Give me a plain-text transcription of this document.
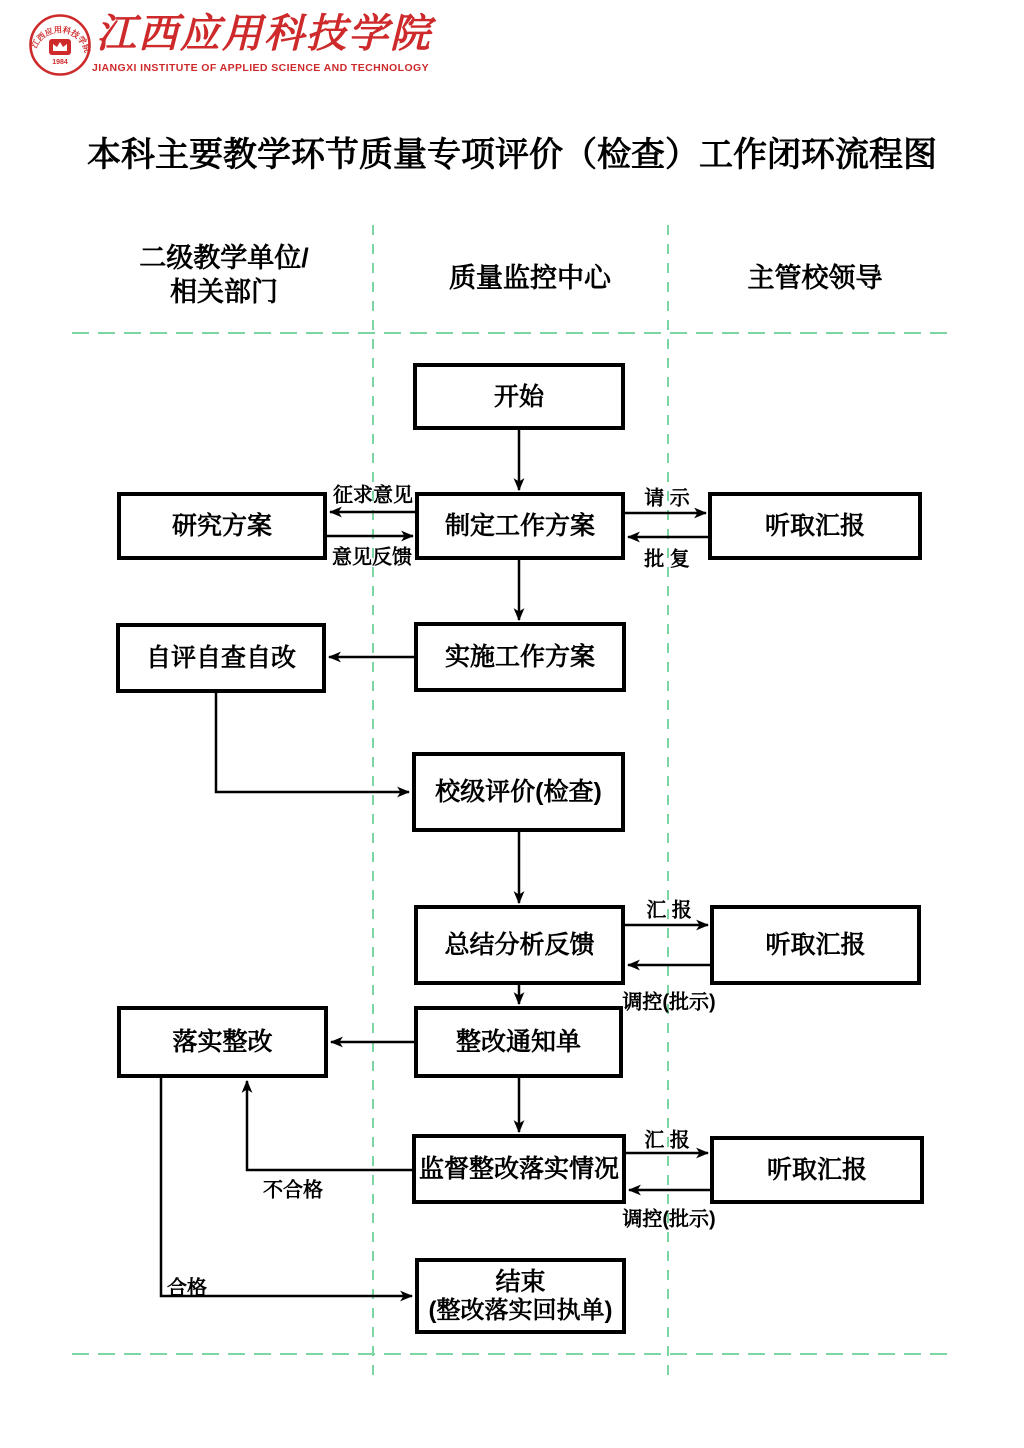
江西应用科技学院
1984
江西应用科技学院
JIANGXI INSTITUTE OF APPLIED SCIENCE AND TECHNOLOGY
本科主要教学环节质量专项评价（检查）工作闭环流程图
二级教学单位/
相关部门	质量监控中心	主管校领导
开始
制定工作方案
研究方案	听取汇报
实施工作方案
自评自查自改
校级评价(检查)
总结分析反馈	听取汇报
整改通知单
落实整改
监督整改落实情况	听取汇报
结束
(整改落实回执单)
征求意见
意见反馈
请 示
批 复
汇 报
调控(批示)
汇 报
调控(批示)
不合格
合格
